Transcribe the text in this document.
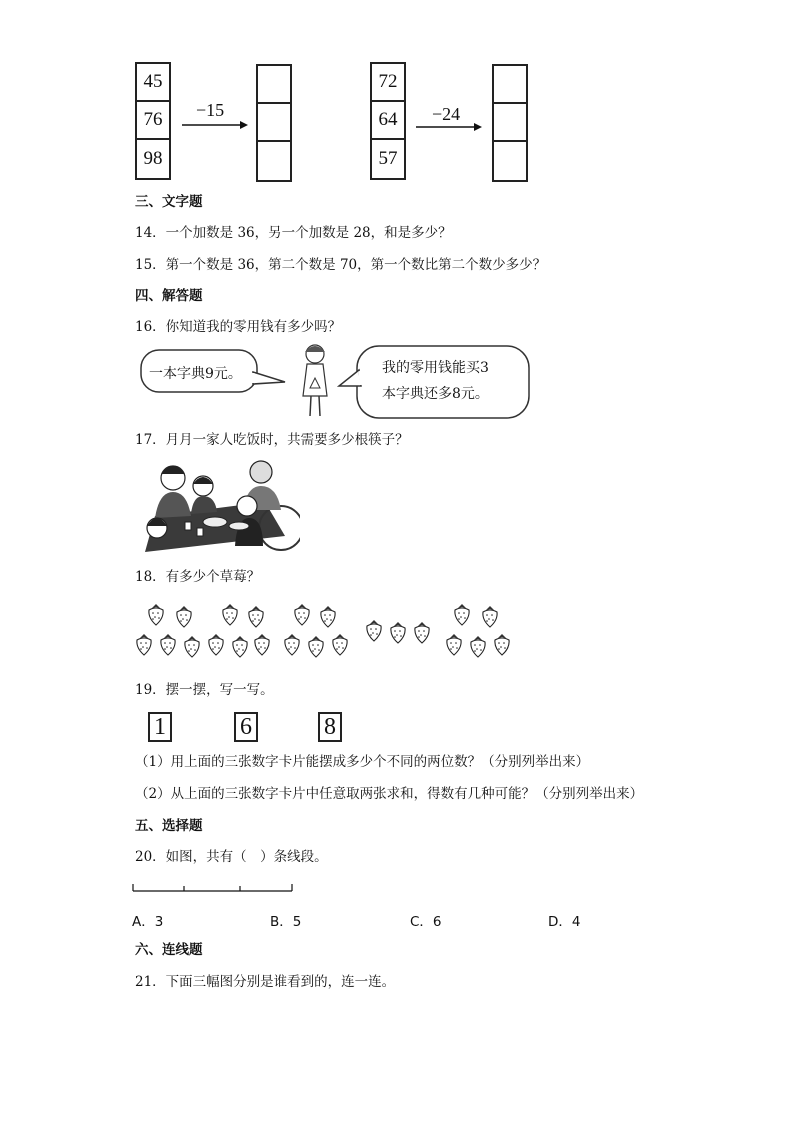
45
76
98
−15
72
64
57
−24
三、文字题
14．一个加数是 36，另一个加数是 28，和是多少？
15．第一个数是 36，第二个数是 70，第一个数比第二个数少多少？
四、解答题
16．你知道我的零用钱有多少吗？
一本字典9元。	我的零用钱能买3
本字典还多8元。
17．月月一家人吃饭时，共需要多少根筷子？
18．有多少个草莓？
19．摆一摆，写一写。
1	6	8
（1）用上面的三张数字卡片能摆成多少个不同的两位数？（分别列举出来）
（2）从上面的三张数字卡片中任意取两张求和，得数有几种可能？（分别列举出来）
五、选择题
20．如图，共有（　）条线段。
A．3	B．5	C．6	D．4
六、连线题
21．下面三幅图分别是谁看到的，连一连。
